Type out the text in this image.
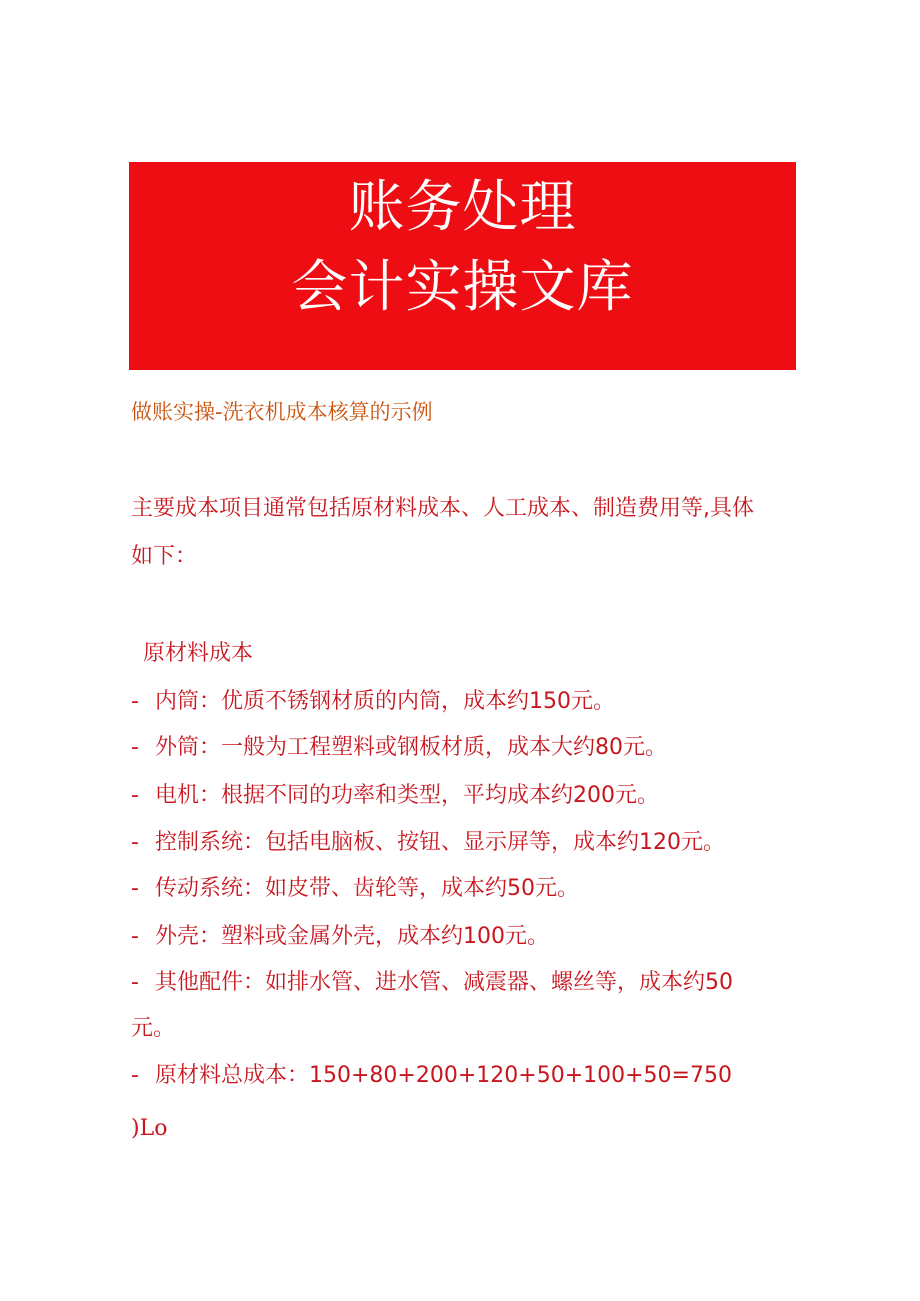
账务处理
会计实操文库
做账实操-洗衣机成本核算的示例
主要成本项目通常包括原材料成本、人工成本、制造费用等,具体
如下：
原材料成本
- 内筒：优质不锈钢材质的内筒，成本约150元。
- 外筒：一般为工程塑料或钢板材质，成本大约80元。
- 电机：根据不同的功率和类型，平均成本约200元。
- 控制系统：包括电脑板、按钮、显示屏等，成本约120元。
- 传动系统：如皮带、齿轮等，成本约50元。
- 外壳：塑料或金属外壳，成本约100元。
- 其他配件：如排水管、进水管、减震器、螺丝等，成本约50
元。
- 原材料总成本：150+80+200+120+50+100+50=750
)Lo
